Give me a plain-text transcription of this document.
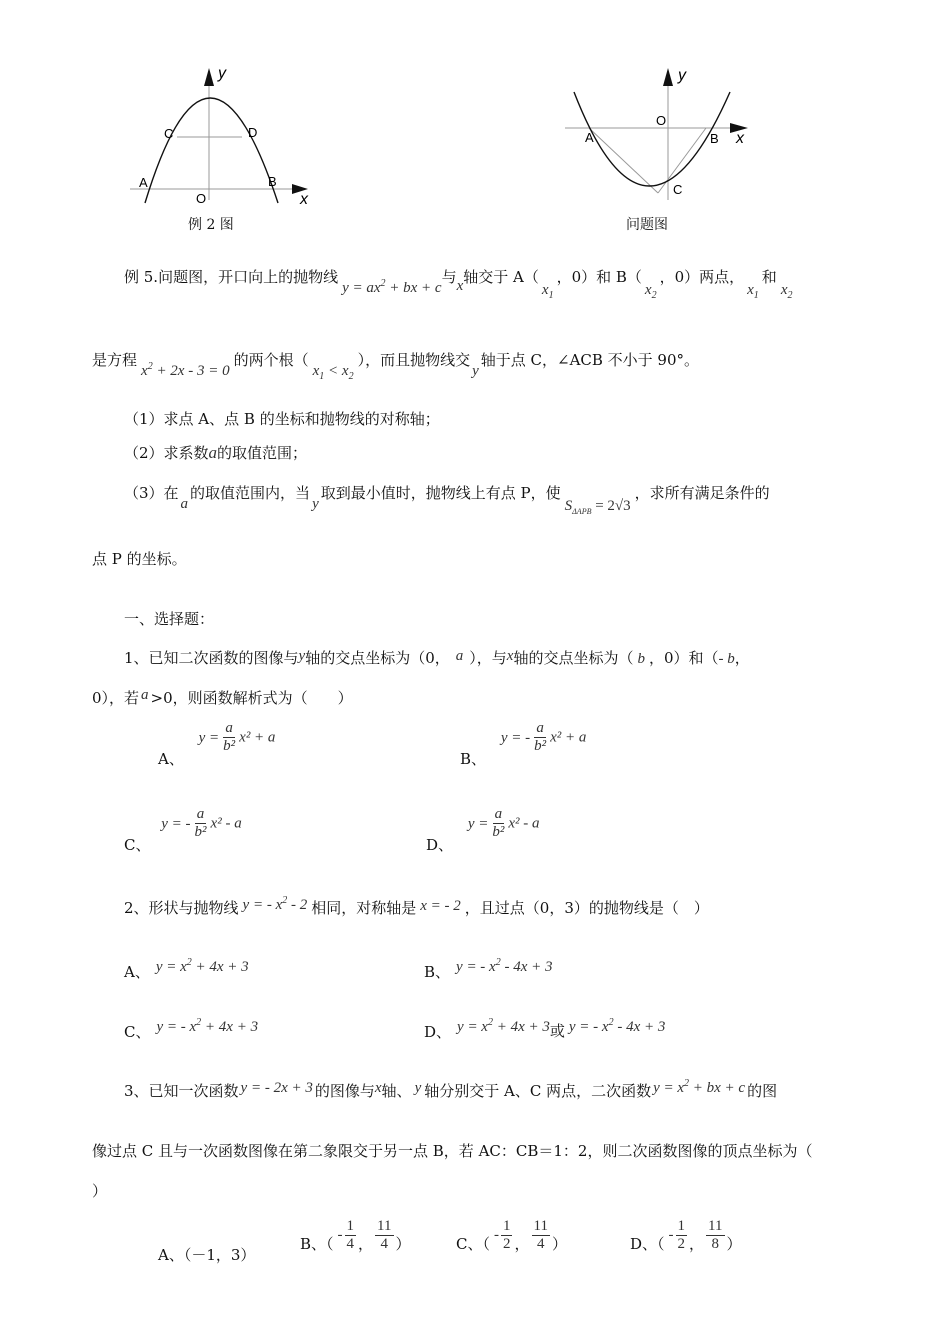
y
x
C	D
A	B
O
例 2 图
y
x
A	B
O
C
问题图
例 5.问题图，开口向上的抛物线$y = ax^2$ + bx + c与x轴交于 $A(x_1$，0）和 $B(x_2$，0）两点，$x_1$和$x_2$
是方程$x^2 + 2x - 3 = 0$的两个根$(x_1 < x_2)$，而且抛物线交y轴于点 C，∠ACB 不小于 90°。
（1）求点 A、点 B 的坐标和抛物线的对称轴；
（2）求系数a的取值范围；
（3）在a的取值范围内，当y取到最小值时，抛物线上有点 P，使$S_{\Delta APB} = 2√3$，求所有满足条件的
点 P 的坐标。
一、选择题：
1、已知二次函数的图像与y轴的交点坐标为（0， a ），与x轴的交点坐标为（ b ，0）和（- b，
0），若 a >0，则函数解析式为（　　）
A、 $y = \frac{a}{\text{b²}} x^2 + a$
B、 y = - $\frac{a}{\text{b²}} x^2 + a$
C、 y = - $\frac{a}{\text{b²}} x^2$ - a
D、 $y = \frac{a}{\text{b²}} x^2 - a$
2、形状与抛物线 y = - $x^2 - 2$ 相同，对称轴是 x = - 2 ，且过点（0，3）的抛物线是（　）
A、 $y = x^2 + 4x + 3$	B、 y = - $x^2 - 4x + 3$
C、 y = - $x^2 + 4x + 3$	D、 $y = x^2 + 4x + 3$或 y = - $x^2 - 4x + 3$
3、已知一次函数 y = - 2x + 3 的图像与x轴、 y 轴分别交于 A、C 两点，二次函数 $y = x^2$ + bx + c 的图
像过点 C 且与一次函数图像在第二象限交于另一点 B，若 AC：CB＝1：2，则二次函数图像的顶点坐标为（
）
A、（－1，3）
B、（ - $\frac{1}{4}$ ， $\frac{11}{4}$ ）	C、（ - $\frac{1}{2}$ ， $\frac{11}{4}$ ）	D、（ - $\frac{1}{2}$ ， $\frac{11}{8}$ ）
